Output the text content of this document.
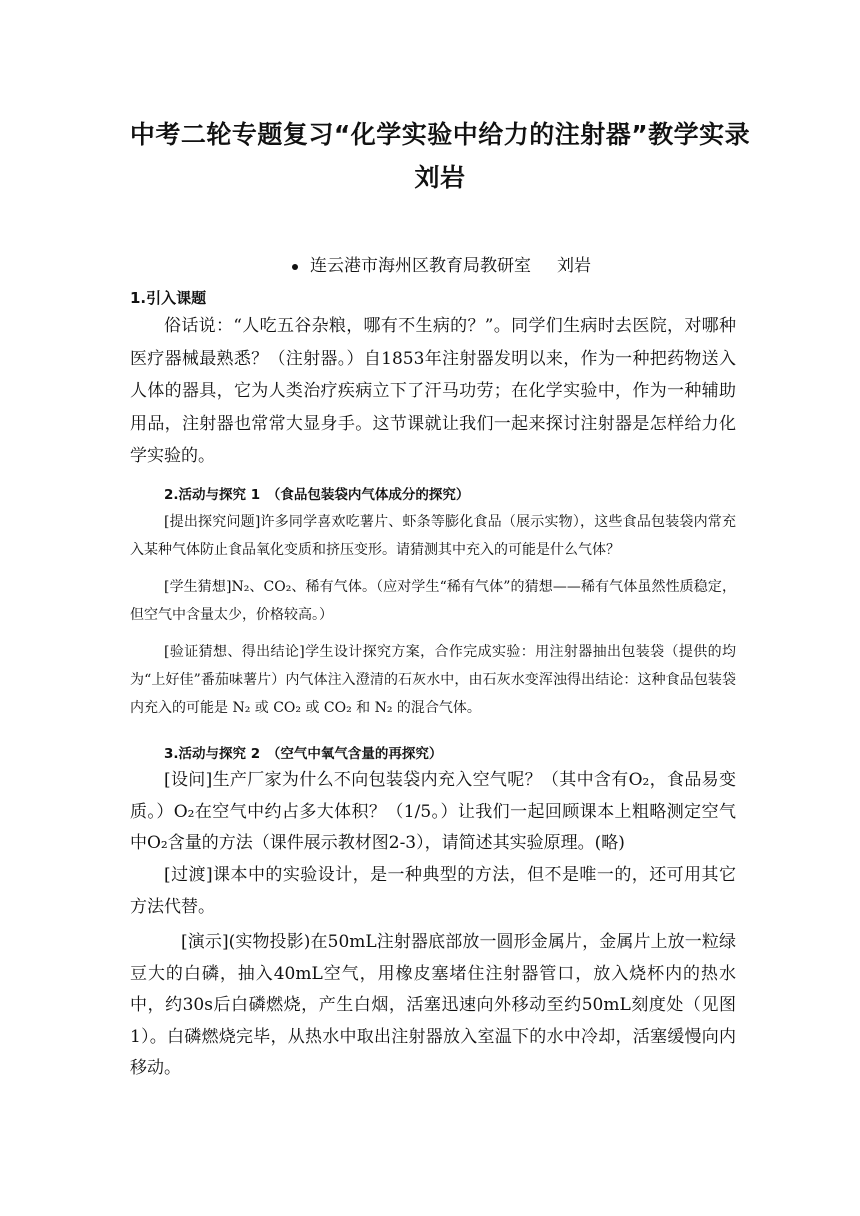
中考二轮专题复习“化学实验中给力的注射器”教学实录
刘岩
连云港市海州区教育局教研室 刘岩
1.引入课题

俗话说：“人吃五谷杂粮，哪有不生病的？”。同学们生病时去医院，对哪种医疗器械最熟悉？（注射器。）自1853年注射器发明以来，作为一种把药物送入人体的器具，它为人类治疗疾病立下了汗马功劳；在化学实验中，作为一种辅助用品，注射器也常常大显身手。这节课就让我们一起来探讨注射器是怎样给力化学实验的。

2.活动与探究 1　（食品包装袋内气体成分的探究）

[提出探究问题]许多同学喜欢吃薯片、虾条等膨化食品（展示实物），这些食品包装袋内常充入某种气体防止食品氧化变质和挤压变形。请猜测其中充入的可能是什么气体？

[学生猜想]N₂、CO₂、稀有气体。（应对学生“稀有气体”的猜想——稀有气体虽然性质稳定，但空气中含量太少，价格较高。）

[验证猜想、得出结论]学生设计探究方案，合作完成实验：用注射器抽出包装袋（提供的均为“上好佳”番茄味薯片）内气体注入澄清的石灰水中，由石灰水变浑浊得出结论：这种食品包装袋内充入的可能是 N₂ 或 CO₂ 或 CO₂ 和 N₂ 的混合气体。

3.活动与探究 2　（空气中氧气含量的再探究）

[设问]生产厂家为什么不向包装袋内充入空气呢？（其中含有O₂，食品易变质。）O₂在空气中约占多大体积？（1/5。）让我们一起回顾课本上粗略测定空气中O₂含量的方法（课件展示教材图2-3），请简述其实验原理。(略)

[过渡]课本中的实验设计，是一种典型的方法，但不是唯一的，还可用其它方法代替。

[演示](实物投影)在50mL注射器底部放一圆形金属片，金属片上放一粒绿豆大的白磷，抽入40mL空气，用橡皮塞堵住注射器管口，放入烧杯内的热水中，约30s后白磷燃烧，产生白烟，活塞迅速向外移动至约50mL刻度处（见图1）。白磷燃烧完毕，从热水中取出注射器放入室温下的水中冷却，活塞缓慢向内移动。
